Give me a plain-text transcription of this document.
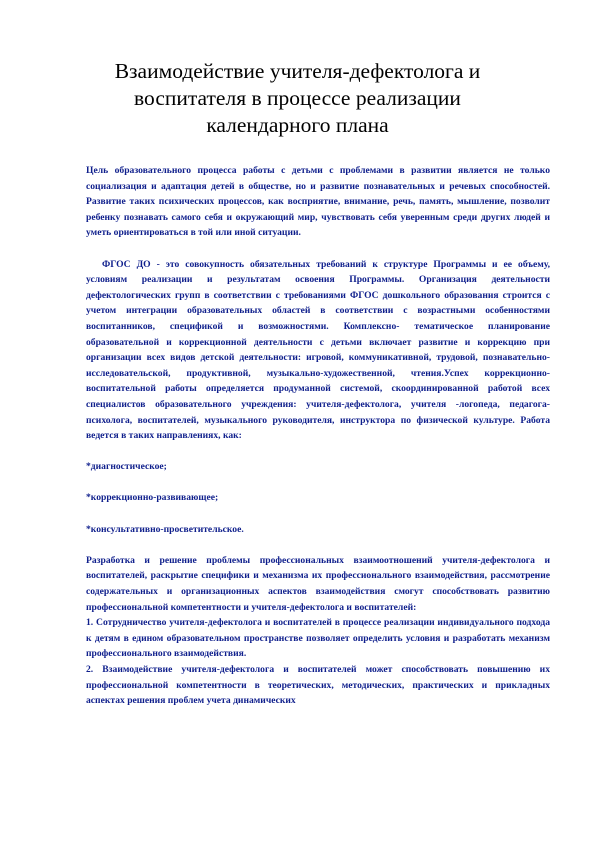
Взаимодействие учителя-дефектолога и
воспитателя в процессе реализации
календарного плана

Цель образовательного процесса работы с детьми с проблемами в развитии является не только социализация и адаптация детей в обществе, но и развитие познавательных и речевых способностей. Развитие таких психических процессов, как восприятие, внимание, речь, память, мышление, позволит ребенку познавать самого себя и окружающий мир, чувствовать себя уверенным среди других людей и уметь ориентироваться в той или иной ситуации.

ФГОС ДО - это совокупность обязательных требований к структуре Программы и ее объему, условиям реализации и результатам освоения Программы. Организация деятельности дефектологических групп в соответствии с требованиями ФГОС дошкольного образования строится с учетом интеграции образовательных областей в соответствии с возрастными особенностями воспитанников, спецификой и возможностями. Комплексно- тематическое планирование образовательной и коррекционной деятельности с детьми включает развитие и коррекцию при организации всех видов детской деятельности: игровой, коммуникативной, трудовой, познавательно-исследовательской, продуктивной, музыкально-художественной, чтения.Успех коррекционно-воспитательной работы определяется продуманной системой, скоординированной работой всех специалистов образовательного учреждения: учителя-дефектолога, учителя -логопеда, педагога-психолога, воспитателей, музыкального руководителя, инструктора по физической культуре. Работа ведется в таких направлениях, как:

*диагностическое;

*коррекционно-развивающее;

*консультативно-просветительское.

Разработка и решение проблемы профессиональных взаимоотношений учителя-дефектолога и воспитателей, раскрытие специфики и механизма их профессионального взаимодействия, рассмотрение содержательных и организационных аспектов взаимодействия смогут способствовать развитию профессиональной компетентности и учителя-дефектолога и воспитателей:

1. Сотрудничество учителя-дефектолога и воспитателей в процессе реализации индивидуального подхода к детям в едином образовательном пространстве позволяет определить условия и разработать механизм профессионального взаимодействия.

2. Взаимодействие учителя-дефектолога и воспитателей может способствовать повышению их профессиональной компетентности в теоретических, методических, практических и прикладных аспектах решения проблем учета динамических
